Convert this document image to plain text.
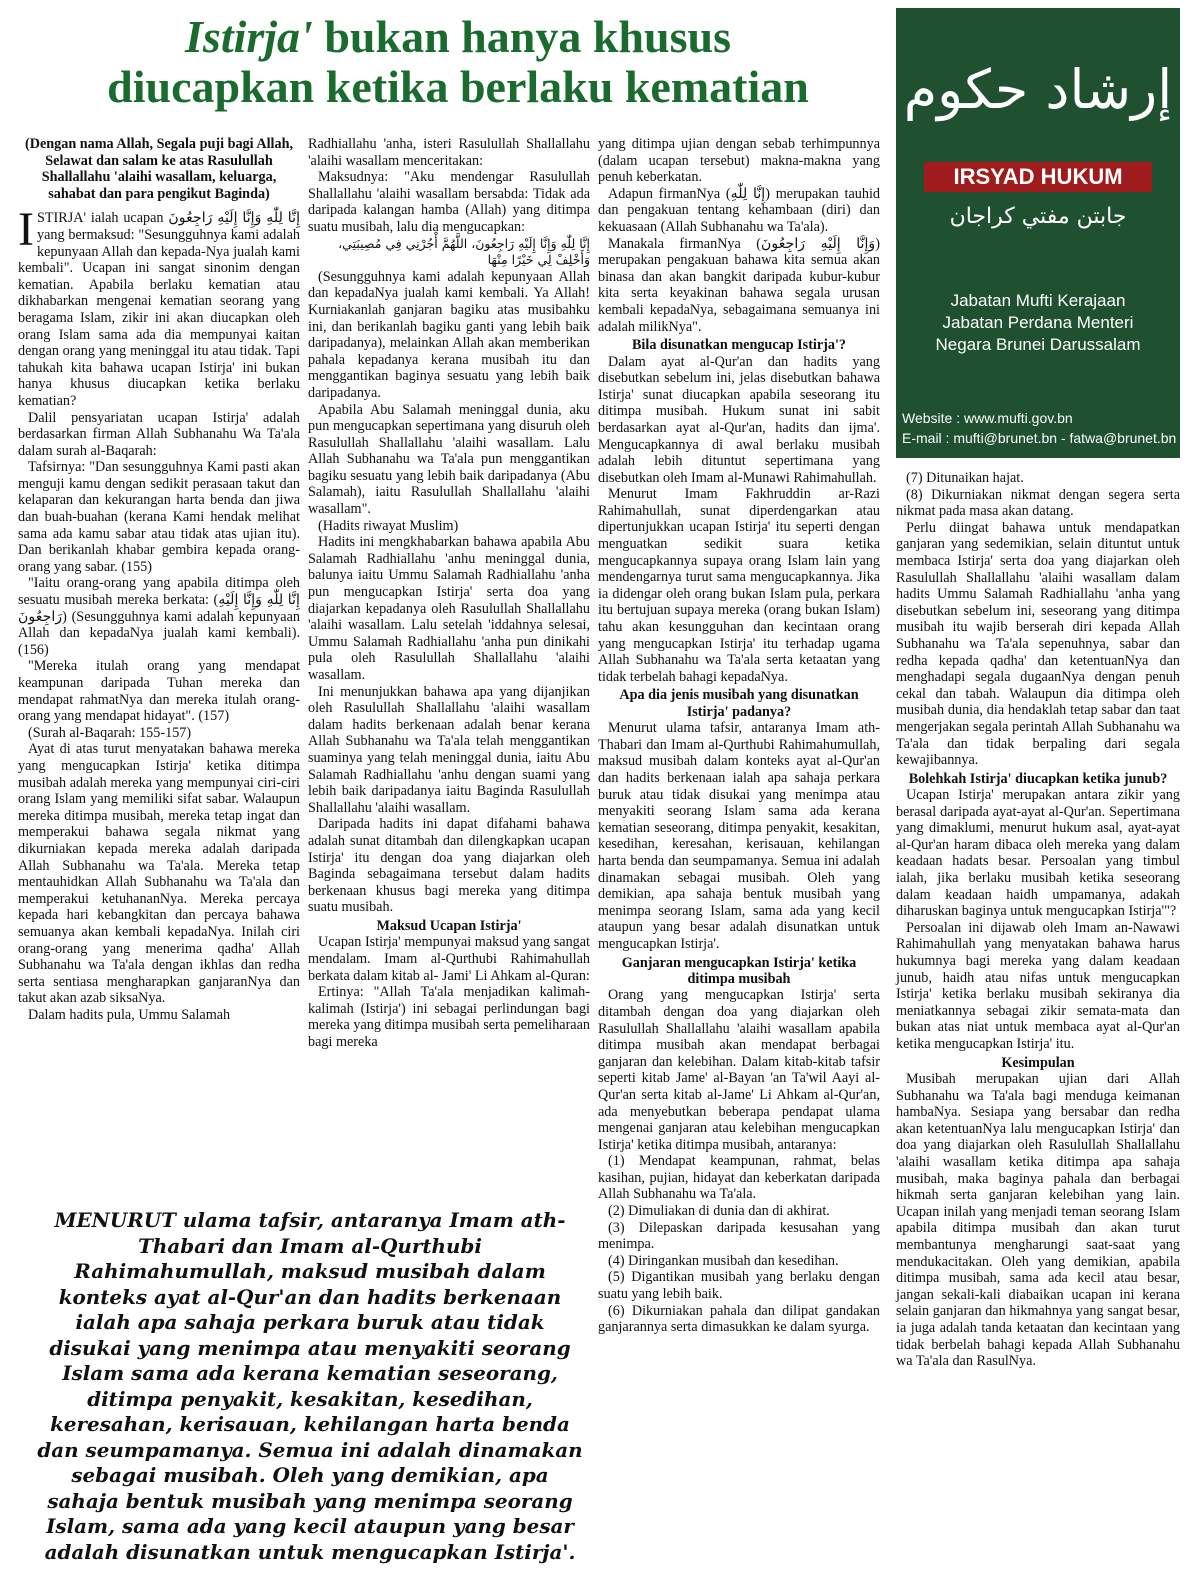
Istirja' bukan hanya khusus
diucapkan ketika berlaku kematian	إرشاد حكوم
IRSYAD HUKUM
جابتن مفتي كراجان
Jabatan Mufti Kerajaan
Jabatan Perdana Menteri
Negara Brunei Darussalam
Website : www.mufti.gov.bn
E-mail : mufti@brunet.bn - fatwa@brunet.bn

(Dengan nama Allah, Segala puji bagi Allah, Selawat dan salam ke atas Rasulullah Shallallahu 'alaihi wasallam, keluarga, sahabat dan para pengikut Baginda)

ISTIRJA' ialah ucapan إِنَّا لِلّٰهِ وَإِنَّا إِلَيْهِ رَاجِعُونَ yang bermaksud: "Sesungguhnya kami adalah kepunyaan Allah dan kepada-Nya jualah kami kembali". Ucapan ini sangat sinonim dengan kematian. Apabila berlaku kematian atau dikhabarkan mengenai kematian seorang yang beragama Islam, zikir ini akan diucapkan oleh orang Islam sama ada dia mempunyai kaitan dengan orang yang meninggal itu atau tidak. Tapi tahukah kita bahawa ucapan Istirja' ini bukan hanya khusus diucapkan ketika berlaku kematian?

Dalil pensyariatan ucapan Istirja' adalah berdasarkan firman Allah Subhanahu Wa Ta'ala dalam surah al-Baqarah:

Tafsirnya: "Dan sesungguhnya Kami pasti akan menguji kamu dengan sedikit perasaan takut dan kelaparan dan kekurangan harta benda dan jiwa dan buah-buahan (kerana Kami hendak melihat sama ada kamu sabar atau tidak atas ujian itu). Dan berikanlah khabar gembira kepada orang-orang yang sabar. (155)

"Iaitu orang-orang yang apabila ditimpa oleh sesuatu musibah mereka berkata: (إِنَّا لِلّٰهِ وَإِنَّا إِلَيْهِ رَاجِعُونَ) (Sesungguhnya kami adalah kepunyaan Allah dan kepadaNya jualah kami kembali). (156)

"Mereka itulah orang yang mendapat keampunan daripada Tuhan mereka dan mendapat rahmatNya dan mereka itulah orang-orang yang mendapat hidayat". (157)

(Surah al-Baqarah: 155-157)

Ayat di atas turut menyatakan bahawa mereka yang mengucapkan Istirja' ketika ditimpa musibah adalah mereka yang mempunyai ciri-ciri orang Islam yang memiliki sifat sabar. Walaupun mereka ditimpa musibah, mereka tetap ingat dan memperakui bahawa segala nikmat yang dikurniakan kepada mereka adalah daripada Allah Subhanahu wa Ta'ala. Mereka tetap mentauhidkan Allah Subhanahu wa Ta'ala dan memperakui ketuhananNya. Mereka percaya kepada hari kebangkitan dan percaya bahawa semuanya akan kembali kepadaNya. Inilah ciri orang-orang yang menerima qadha' Allah Subhanahu wa Ta'ala dengan ikhlas dan redha serta sentiasa mengharapkan ganjaranNya dan takut akan azab siksaNya.

Dalam hadits pula, Ummu Salamah

Radhiallahu 'anha, isteri Rasulullah Shallallahu 'alaihi wasallam menceritakan:

Maksudnya: "Aku mendengar Rasulullah Shallallahu 'alaihi wasallam bersabda: Tidak ada daripada kalangan hamba (Allah) yang ditimpa suatu musibah, lalu dia mengucapkan:

إِنَّا لِلّٰهِ وَإِنَّا إِلَيْهِ رَاجِعُونَ، اللَّهُمَّ أْجُرْنِي فِي مُصِيبَتِي، وَأَخْلِفْ لِي خَيْرًا مِنْهَا

(Sesungguhnya kami adalah kepunyaan Allah dan kepadaNya jualah kami kembali. Ya Allah! Kurniakanlah ganjaran bagiku atas musibahku ini, dan berikanlah bagiku ganti yang lebih baik daripadanya), melainkan Allah akan memberikan pahala kepadanya kerana musibah itu dan menggantikan baginya sesuatu yang lebih baik daripadanya.

Apabila Abu Salamah meninggal dunia, aku pun mengucapkan sepertimana yang disuruh oleh Rasulullah Shallallahu 'alaihi wasallam. Lalu Allah Subhanahu wa Ta'ala pun menggantikan bagiku sesuatu yang lebih baik daripadanya (Abu Salamah), iaitu Rasulullah Shallallahu 'alaihi wasallam".

(Hadits riwayat Muslim)

Hadits ini mengkhabarkan bahawa apabila Abu Salamah Radhiallahu 'anhu meninggal dunia, balunya iaitu Ummu Salamah Radhiallahu 'anha pun mengucapkan Istirja' serta doa yang diajarkan kepadanya oleh Rasulullah Shallallahu 'alaihi wasallam. Lalu setelah 'iddahnya selesai, Ummu Salamah Radhiallahu 'anha pun dinikahi pula oleh Rasulullah Shallallahu 'alaihi wasallam.

Ini menunjukkan bahawa apa yang dijanjikan oleh Rasulullah Shallallahu 'alaihi wasallam dalam hadits berkenaan adalah benar kerana Allah Subhanahu wa Ta'ala telah menggantikan suaminya yang telah meninggal dunia, iaitu Abu Salamah Radhiallahu 'anhu dengan suami yang lebih baik daripadanya iaitu Baginda Rasulullah Shallallahu 'alaihi wasallam.

Daripada hadits ini dapat difahami bahawa adalah sunat ditambah dan dilengkapkan ucapan Istirja' itu dengan doa yang diajarkan oleh Baginda sebagaimana tersebut dalam hadits berkenaan khusus bagi mereka yang ditimpa suatu musibah.

Maksud Ucapan Istirja'

Ucapan Istirja' mempunyai maksud yang sangat mendalam. Imam al-Qurthubi Rahimahullah berkata dalam kitab al- Jami' Li Ahkam al-Quran:

Ertinya: "Allah Ta'ala menjadikan kalimah-kalimah (Istirja') ini sebagai perlindungan bagi mereka yang ditimpa musibah serta pemeliharaan bagi mereka

yang ditimpa ujian dengan sebab terhimpunnya (dalam ucapan tersebut) makna-makna yang penuh keberkatan.

Adapun firmanNya (إِنَّا لِلّٰهِ) merupakan tauhid dan pengakuan tentang kehambaan (diri) dan kekuasaan (Allah Subhanahu wa Ta'ala).

Manakala firmanNya (وَإِنَّا إِلَيْهِ رَاجِعُونَ) merupakan pengakuan bahawa kita semua akan binasa dan akan bangkit daripada kubur-kubur kita serta keyakinan bahawa segala urusan kembali kepadaNya, sebagaimana semuanya ini adalah milikNya".

Bila disunatkan mengucap Istirja'?

Dalam ayat al-Qur'an dan hadits yang disebutkan sebelum ini, jelas disebutkan bahawa Istirja' sunat diucapkan apabila seseorang itu ditimpa musibah. Hukum sunat ini sabit berdasarkan ayat al-Qur'an, hadits dan ijma'. Mengucapkannya di awal berlaku musibah adalah lebih dituntut sepertimana yang disebutkan oleh Imam al-Munawi Rahimahullah.

Menurut Imam Fakhruddin ar-Razi Rahimahullah, sunat diperdengarkan atau dipertunjukkan ucapan Istirja' itu seperti dengan menguatkan sedikit suara ketika mengucapkannya supaya orang Islam lain yang mendengarnya turut sama mengucapkannya. Jika ia didengar oleh orang bukan Islam pula, perkara itu bertujuan supaya mereka (orang bukan Islam) tahu akan kesungguhan dan kecintaan orang yang mengucapkan Istirja' itu terhadap ugama Allah Subhanahu wa Ta'ala serta ketaatan yang tidak terbelah bahagi kepadaNya.

Apa dia jenis musibah yang disunatkan Istirja' padanya?

Menurut ulama tafsir, antaranya Imam ath-Thabari dan Imam al-Qurthubi Rahimahumullah, maksud musibah dalam konteks ayat al-Qur'an dan hadits berkenaan ialah apa sahaja perkara buruk atau tidak disukai yang menimpa atau menyakiti seorang Islam sama ada kerana kematian seseorang, ditimpa penyakit, kesakitan, kesedihan, keresahan, kerisauan, kehilangan harta benda dan seumpamanya. Semua ini adalah dinamakan sebagai musibah. Oleh yang demikian, apa sahaja bentuk musibah yang menimpa seorang Islam, sama ada yang kecil ataupun yang besar adalah disunatkan untuk mengucapkan Istirja'.

Ganjaran mengucapkan Istirja' ketika ditimpa musibah

Orang yang mengucapkan Istirja' serta ditambah dengan doa yang diajarkan oleh Rasulullah Shallallahu 'alaihi wasallam apabila ditimpa musibah akan mendapat berbagai ganjaran dan kelebihan. Dalam kitab-kitab tafsir seperti kitab Jame' al-Bayan 'an Ta'wil Aayi al-Qur'an serta kitab al-Jame' Li Ahkam al-Qur'an, ada menyebutkan beberapa pendapat ulama mengenai ganjaran atau kelebihan mengucapkan Istirja' ketika ditimpa musibah, antaranya:

(1) Mendapat keampunan, rahmat, belas kasihan, pujian, hidayat dan keberkatan daripada Allah Subhanahu wa Ta'ala.

(2) Dimuliakan di dunia dan di akhirat.

(3) Dilepaskan daripada kesusahan yang menimpa.

(4) Diringankan musibah dan kesedihan.

(5) Digantikan musibah yang berlaku dengan suatu yang lebih baik.

(6) Dikurniakan pahala dan dilipat gandakan ganjarannya serta dimasukkan ke dalam syurga.

(7) Ditunaikan hajat.

(8) Dikurniakan nikmat dengan segera serta nikmat pada masa akan datang.

Perlu diingat bahawa untuk mendapatkan ganjaran yang sedemikian, selain dituntut untuk membaca Istirja' serta doa yang diajarkan oleh Rasulullah Shallallahu 'alaihi wasallam dalam hadits Ummu Salamah Radhiallahu 'anha yang disebutkan sebelum ini, seseorang yang ditimpa musibah itu wajib berserah diri kepada Allah Subhanahu wa Ta'ala sepenuhnya, sabar dan redha kepada qadha' dan ketentuanNya dan menghadapi segala dugaanNya dengan penuh cekal dan tabah. Walaupun dia ditimpa oleh musibah dunia, dia hendaklah tetap sabar dan taat mengerjakan segala perintah Allah Subhanahu wa Ta'ala dan tidak berpaling dari segala kewajibannya.

Bolehkah Istirja' diucapkan ketika junub?

Ucapan Istirja' merupakan antara zikir yang berasal daripada ayat-ayat al-Qur'an. Sepertimana yang dimaklumi, menurut hukum asal, ayat-ayat al-Qur'an haram dibaca oleh mereka yang dalam keadaan hadats besar. Persoalan yang timbul ialah, jika berlaku musibah ketika seseorang dalam keadaan haidh umpamanya, adakah diharuskan baginya untuk mengucapkan Istirja'"?

Persoalan ini dijawab oleh Imam an-Nawawi Rahimahullah yang menyatakan bahawa harus hukumnya bagi mereka yang dalam keadaan junub, haidh atau nifas untuk mengucapkan Istirja' ketika berlaku musibah sekiranya dia meniatkannya sebagai zikir semata-mata dan bukan atas niat untuk membaca ayat al-Qur'an ketika mengucapkan Istirja' itu.

Kesimpulan

Musibah merupakan ujian dari Allah Subhanahu wa Ta'ala bagi menduga keimanan hambaNya. Sesiapa yang bersabar dan redha akan ketentuanNya lalu mengucapkan Istirja' dan doa yang diajarkan oleh Rasulullah Shallallahu 'alaihi wasallam ketika ditimpa apa sahaja musibah, maka baginya pahala dan berbagai hikmah serta ganjaran kelebihan yang lain. Ucapan inilah yang menjadi teman seorang Islam apabila ditimpa musibah dan akan turut membantunya mengharungi saat-saat yang mendukacitakan. Oleh yang demikian, apabila ditimpa musibah, sama ada kecil atau besar, jangan sekali-kali diabaikan ucapan ini kerana selain ganjaran dan hikmahnya yang sangat besar, ia juga adalah tanda ketaatan dan kecintaan yang tidak berbelah bahagi kepada Allah Subhanahu wa Ta'ala dan RasulNya.

MENURUT ulama tafsir, antaranya Imam ath-Thabari dan Imam al-Qurthubi Rahimahumullah, maksud musibah dalam konteks ayat al-Qur'an dan hadits berkenaan ialah apa sahaja perkara buruk atau tidak disukai yang menimpa atau menyakiti seorang Islam sama ada kerana kematian seseorang, ditimpa penyakit, kesakitan, kesedihan, keresahan, kerisauan, kehilangan harta benda dan seumpamanya. Semua ini adalah dinamakan sebagai musibah. Oleh yang demikian, apa sahaja bentuk musibah yang menimpa seorang Islam, sama ada yang kecil ataupun yang besar adalah disunatkan untuk mengucapkan Istirja'.
